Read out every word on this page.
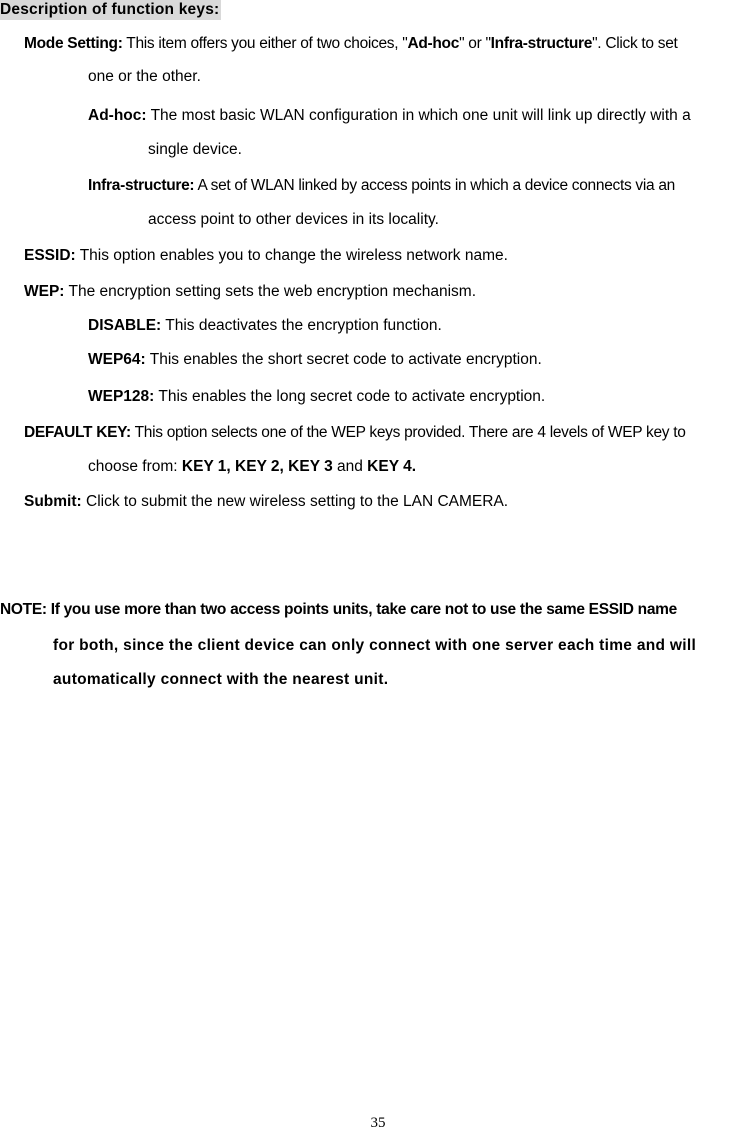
Description of function keys:
Mode Setting: This item offers you either of two choices, "Ad-hoc" or "Infra-structure". Click to set
one or the other.
Ad-hoc: The most basic WLAN configuration in which one unit will link up directly with a
single device.
Infra-structure: A set of WLAN linked by access points in which a device connects via an
access point to other devices in its locality.
ESSID: This option enables you to change the wireless network name.
WEP: The encryption setting sets the web encryption mechanism.
DISABLE: This deactivates the encryption function.
WEP64: This enables the short secret code to activate encryption.
WEP128: This enables the long secret code to activate encryption.
DEFAULT KEY: This option selects one of the WEP keys provided. There are 4 levels of WEP key to
choose from: KEY 1, KEY 2, KEY 3 and KEY 4.
Submit: Click to submit the new wireless setting to the LAN CAMERA.
NOTE: If you use more than two access points units, take care not to use the same ESSID name
for both, since the client device can only connect with one server each time and will
automatically connect with the nearest unit.
35
